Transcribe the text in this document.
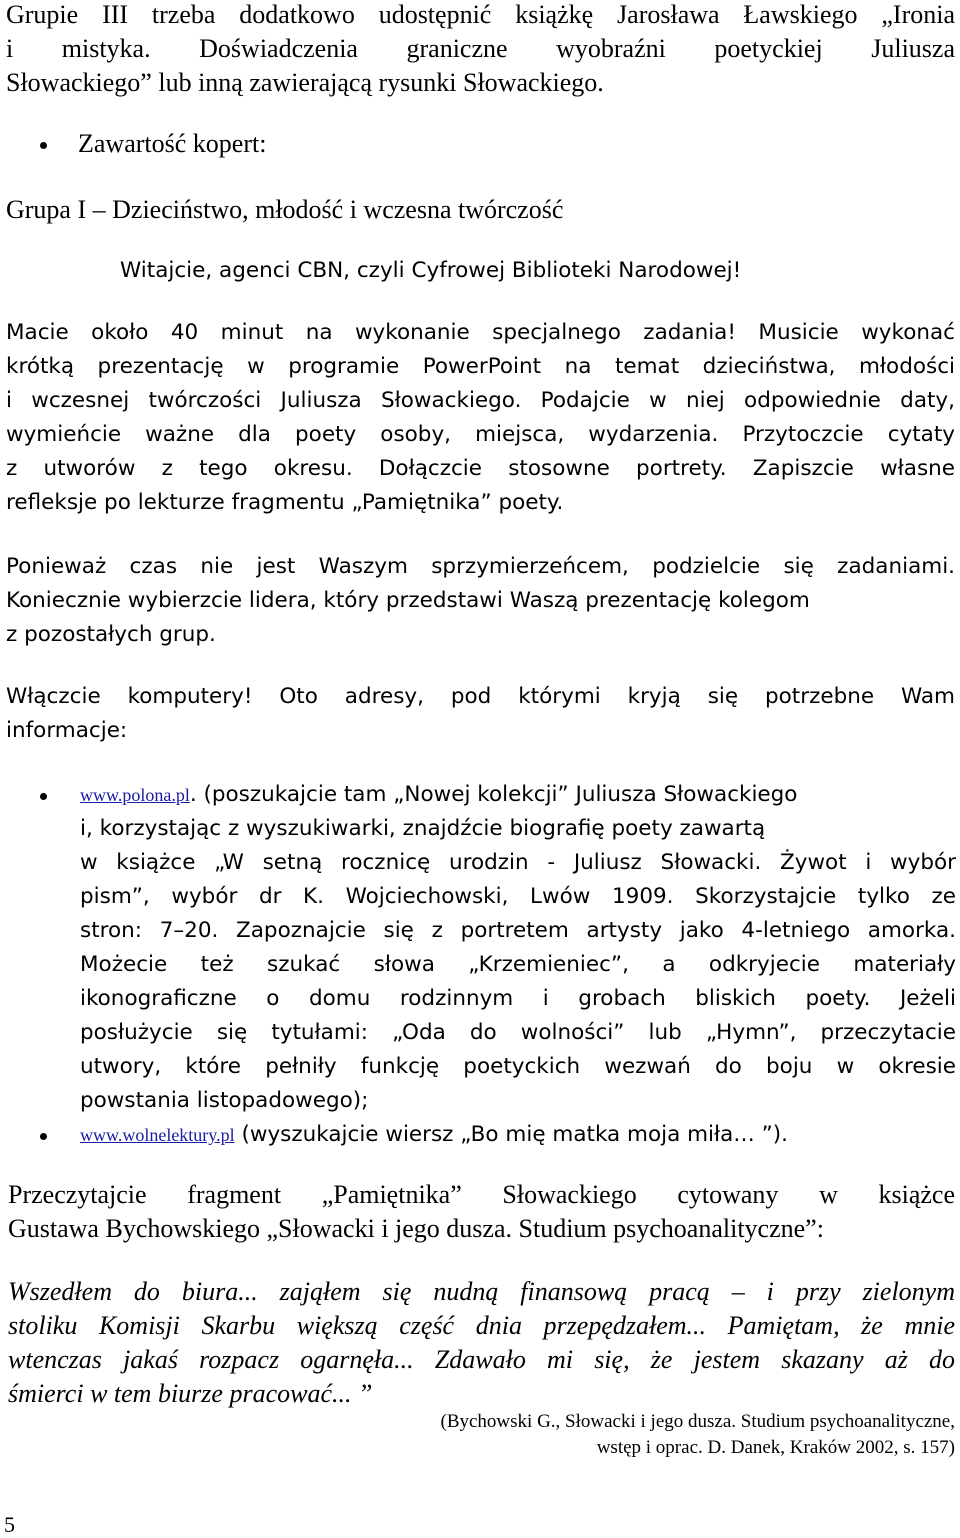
Grupie III trzeba dodatkowo udostępnić książkę Jarosława Ławskiego „Ironia

i mistyka. Doświadczenia graniczne wyobraźni poetyckiej Juliusza

Słowackiego” lub inną zawierającą rysunki Słowackiego.

Zawartość kopert:

Grupa I – Dzieciństwo, młodość i wczesna twórczość

Witajcie, agenci CBN, czyli Cyfrowej Biblioteki Narodowej!

Macie około 40 minut na wykonanie specjalnego zadania! Musicie wykonać

krótką prezentację w programie PowerPoint na temat dzieciństwa, młodości

i wczesnej twórczości Juliusza Słowackiego. Podajcie w niej odpowiednie daty,

wymieńcie ważne dla poety osoby, miejsca, wydarzenia. Przytoczcie cytaty

z utworów z tego okresu. Dołączcie stosowne portrety. Zapiszcie własne

refleksje po lekturze fragmentu „Pamiętnika” poety.

Ponieważ czas nie jest Waszym sprzymierzeńcem, podzielcie się zadaniami.

Koniecznie wybierzcie lidera, który przedstawi Waszą prezentację kolegom

z pozostałych grup.

Włączcie komputery! Oto adresy, pod którymi kryją się potrzebne Wam

informacje:

www.polona.pl. (poszukajcie tam „Nowej kolekcji” Juliusza Słowackiego

i, korzystając z wyszukiwarki, znajdźcie biografię poety zawartą

w książce „W setną rocznicę urodzin - Juliusz Słowacki. Żywot i wybór

pism”, wybór dr K. Wojciechowski, Lwów 1909. Skorzystajcie tylko ze

stron: 7–20. Zapoznajcie się z portretem artysty jako 4-letniego amorka.

Możecie też szukać słowa „Krzemieniec”, a odkryjecie materiały

ikonograficzne o domu rodzinnym i grobach bliskich poety. Jeżeli

posłużycie się tytułami: „Oda do wolności” lub „Hymn”, przeczytacie

utwory, które pełniły funkcję poetyckich wezwań do boju w okresie

powstania listopadowego);

www.wolnelektury.pl (wyszukajcie wiersz „Bo mię matka moja miła… ”).

Przeczytajcie fragment „Pamiętnika” Słowackiego cytowany w książce

Gustawa Bychowskiego „Słowacki i jego dusza. Studium psychoanalityczne”:

Wszedłem do biura... zająłem się nudną finansową pracą – i przy zielonym

stoliku Komisji Skarbu większą część dnia przepędzałem... Pamiętam, że mnie

wtenczas jakaś rozpacz ogarnęła... Zdawało mi się, że jestem skazany aż do

śmierci w tem biurze pracować... ”

(Bychowski G., Słowacki i jego dusza. Studium psychoanalityczne,

wstęp i oprac. D. Danek, Kraków 2002, s. 157)

5
